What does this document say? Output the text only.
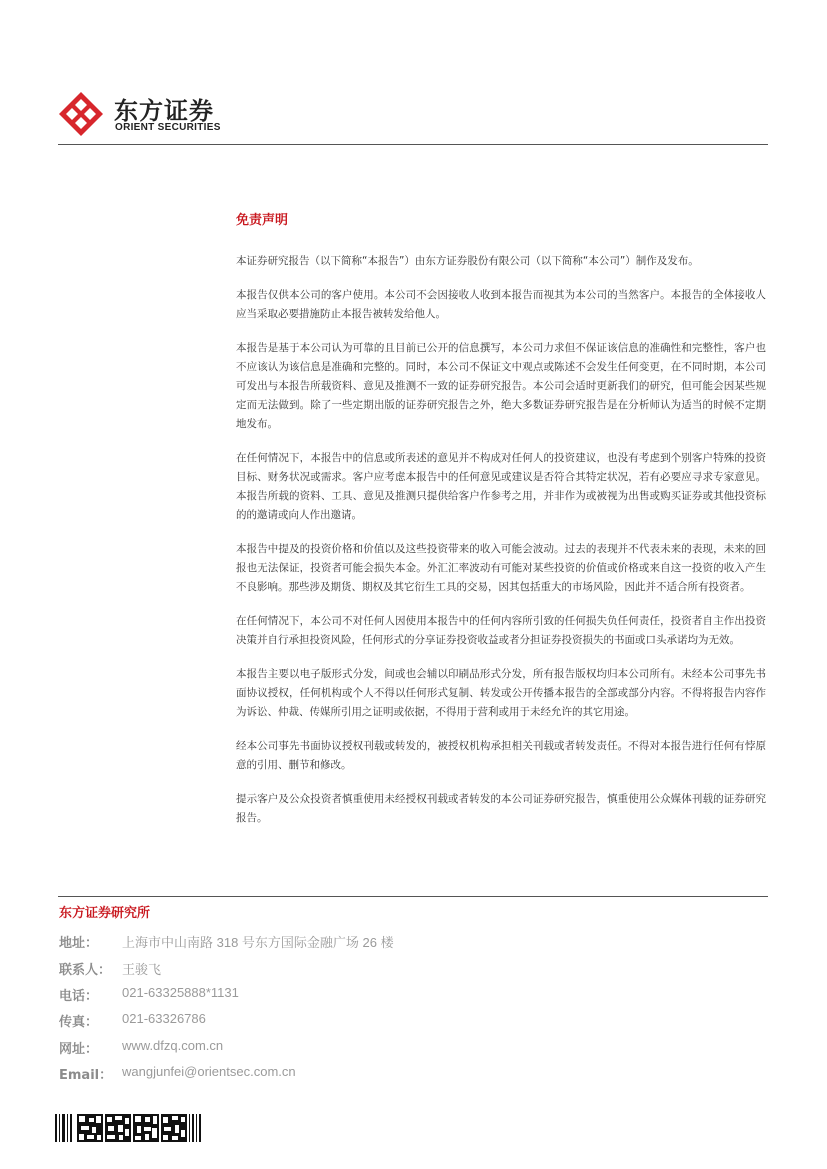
东方证券
ORIENT SECURITIES
免责声明

本证券研究报告（以下简称“本报告”）由东方证券股份有限公司（以下简称“本公司”）制作及发布。

本报告仅供本公司的客户使用。本公司不会因接收人收到本报告而视其为本公司的当然客户。本报告的全体接收人应当采取必要措施防止本报告被转发给他人。

本报告是基于本公司认为可靠的且目前已公开的信息撰写，本公司力求但不保证该信息的准确性和完整性，客户也不应该认为该信息是准确和完整的。同时，本公司不保证文中观点或陈述不会发生任何变更，在不同时期，本公司可发出与本报告所载资料、意见及推测不一致的证券研究报告。本公司会适时更新我们的研究，但可能会因某些规定而无法做到。除了一些定期出版的证券研究报告之外，绝大多数证券研究报告是在分析师认为适当的时候不定期地发布。

在任何情况下，本报告中的信息或所表述的意见并不构成对任何人的投资建议，也没有考虑到个别客户特殊的投资目标、财务状况或需求。客户应考虑本报告中的任何意见或建议是否符合其特定状况，若有必要应寻求专家意见。本报告所载的资料、工具、意见及推测只提供给客户作参考之用，并非作为或被视为出售或购买证券或其他投资标的的邀请或向人作出邀请。

本报告中提及的投资价格和价值以及这些投资带来的收入可能会波动。过去的表现并不代表未来的表现，未来的回报也无法保证，投资者可能会损失本金。外汇汇率波动有可能对某些投资的价值或价格或来自这一投资的收入产生不良影响。那些涉及期货、期权及其它衍生工具的交易，因其包括重大的市场风险，因此并不适合所有投资者。

在任何情况下，本公司不对任何人因使用本报告中的任何内容所引致的任何损失负任何责任，投资者自主作出投资决策并自行承担投资风险，任何形式的分享证券投资收益或者分担证券投资损失的书面或口头承诺均为无效。

本报告主要以电子版形式分发，间或也会辅以印刷品形式分发，所有报告版权均归本公司所有。未经本公司事先书面协议授权，任何机构或个人不得以任何形式复制、转发或公开传播本报告的全部或部分内容。不得将报告内容作为诉讼、仲裁、传媒所引用之证明或依据，不得用于营利或用于未经允许的其它用途。

经本公司事先书面协议授权刊载或转发的，被授权机构承担相关刊载或者转发责任。不得对本报告进行任何有悖原意的引用、删节和修改。

提示客户及公众投资者慎重使用未经授权刊载或者转发的本公司证券研究报告，慎重使用公众媒体刊载的证券研究报告。

东方证券研究所
地址： 上海市中山南路 318 号东方国际金融广场 26 楼
联系人： 王骏飞
电话： 021-63325888*1131
传真： 021-63326786
网址： www.dfzq.com.cn
Email： wangjunfei@orientsec.com.cn
